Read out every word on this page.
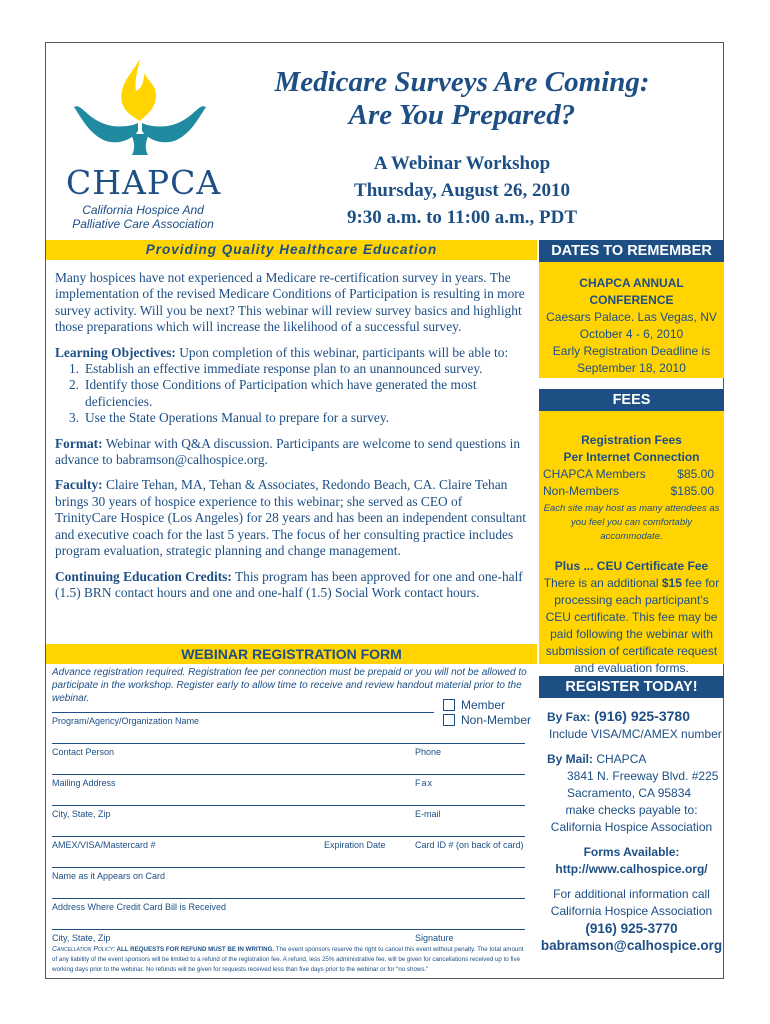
CHAPCA
California Hospice And
Palliative Care Association
Medicare Surveys Are Coming:
Are You Prepared?
A Webinar Workshop
Thursday, August 26, 2010
9:30 a.m. to 11:00 a.m., PDT
Providing Quality Healthcare Education

Many hospices have not experienced a Medicare re-certification survey in years. The implementation of the revised Medicare Conditions of Participation is resulting in more survey activity. Will you be next? This webinar will review survey basics and highlight those preparations which will increase the likelihood of a successful survey.

Learning Objectives: Upon completion of this webinar, participants will be able to:
1. Establish an effective immediate response plan to an unannounced survey.
2. Identify those Conditions of Participation which have generated the most deficiencies.
3. Use the State Operations Manual to prepare for a survey.

Format: Webinar with Q&A discussion. Participants are welcome to send questions in advance to babramson@calhospice.org.

Faculty: Claire Tehan, MA, Tehan & Associates, Redondo Beach, CA. Claire Tehan brings 30 years of hospice experience to this webinar; she served as CEO of TrinityCare Hospice (Los Angeles) for 28 years and has been an independent consultant and executive coach for the last 5 years. The focus of her consulting practice includes program evaluation, strategic planning and change management.

Continuing Education Credits: This program has been approved for one and one-half (1.5) BRN contact hours and one and one-half (1.5) Social Work contact hours.

WEBINAR REGISTRATION FORM
Advance registration required. Registration fee per connection must be prepaid or you will not be allowed to participate in the workshop. Register early to allow time to receive and review handout material prior to the webinar.	Member
Non-Member
Program/Agency/Organization Name
Contact Person	Phone
Mailing Address	Fax
City, State, Zip	E-mail
AMEX/VISA/Mastercard #	Expiration Date	Card ID # (on back of card)
Name as it Appears on Card
Address Where Credit Card Bill is Received
City, State, Zip	Signature
Cancellation Policy: ALL REQUESTS FOR REFUND MUST BE IN WRITING. The event sponsors reserve the right to cancel this event without penalty. The total amount of any liability of the event sponsors will be limited to a refund of the registration fee. A refund, less 25% administrative fee, will be given for cancellations received up to five working days prior to the webinar. No refunds will be given for requests received less than five days prior to the webinar or for “no shows.”
DATES TO REMEMBER
CHAPCA ANNUAL
CONFERENCE
Caesars Palace. Las Vegas, NV
October 4 - 6, 2010
Early Registration Deadline is
September 18, 2010
FEES
Registration Fees
Per Internet Connection
CHAPCA Members	$85.00
Non-Members	$185.00
Each site may host as many attendees as you feel you can comfortably accommodate.
Plus ... CEU Certificate Fee
There is an additional $15 fee for processing each participant’s CEU certificate. This fee may be paid following the webinar with submission of certificate request and evaluation forms.
REGISTER TODAY!
By Fax: (916) 925-3780
Include VISA/MC/AMEX number
By Mail: CHAPCA
3841 N. Freeway Blvd. #225
Sacramento, CA 95834
make checks payable to:
California Hospice Association
Forms Available:
http://www.calhospice.org/
For additional information call
California Hospice Association
(916) 925-3770
babramson@calhospice.org
